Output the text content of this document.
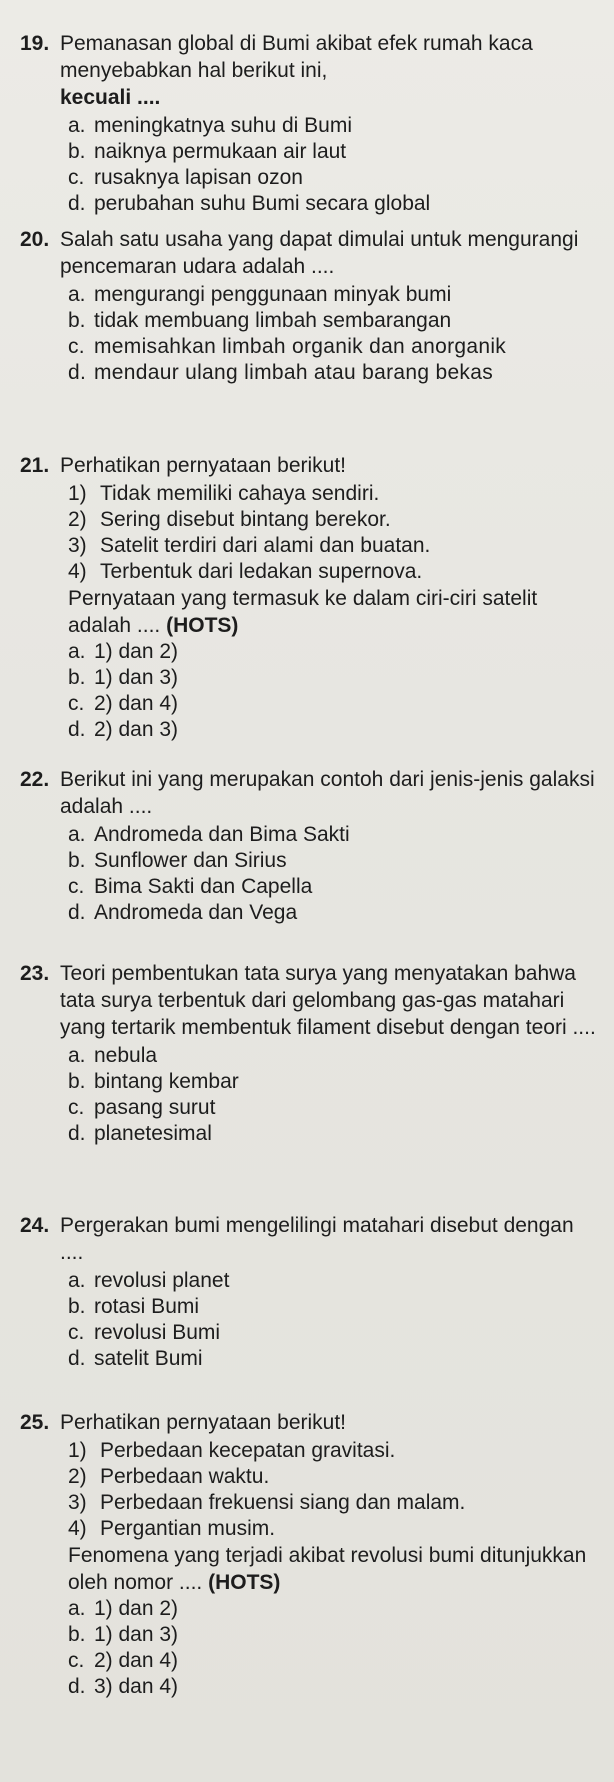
19. Pemanasan global di Bumi akibat efek rumah kaca menyebabkan hal berikut ini,
kecuali ....
a. meningkatnya suhu di Bumi
b. naiknya permukaan air laut
c. rusaknya lapisan ozon
d. perubahan suhu Bumi secara global
20. Salah satu usaha yang dapat dimulai untuk mengurangi pencemaran udara adalah ....
a. mengurangi penggunaan minyak bumi
b. tidak membuang limbah sembarangan
c. memisahkan limbah organik dan anorganik
d. mendaur ulang limbah atau barang bekas
21. Perhatikan pernyataan berikut!
1) Tidak memiliki cahaya sendiri.
2) Sering disebut bintang berekor.
3) Satelit terdiri dari alami dan buatan.
4) Terbentuk dari ledakan supernova.
Pernyataan yang termasuk ke dalam ciri-ciri satelit adalah .... (HOTS)
a. 1) dan 2)
b. 1) dan 3)
c. 2) dan 4)
d. 2) dan 3)
22. Berikut ini yang merupakan contoh dari jenis-jenis galaksi adalah ....
a. Andromeda dan Bima Sakti
b. Sunflower dan Sirius
c. Bima Sakti dan Capella
d. Andromeda dan Vega
23. Teori pembentukan tata surya yang menyatakan bahwa tata surya terbentuk dari gelombang gas-gas matahari yang tertarik membentuk filament disebut dengan teori ....
a. nebula
b. bintang kembar
c. pasang surut
d. planetesimal
24. Pergerakan bumi mengelilingi matahari disebut dengan ....
a. revolusi planet
b. rotasi Bumi
c. revolusi Bumi
d. satelit Bumi
25. Perhatikan pernyataan berikut!
1) Perbedaan kecepatan gravitasi.
2) Perbedaan waktu.
3) Perbedaan frekuensi siang dan malam.
4) Pergantian musim.
Fenomena yang terjadi akibat revolusi bumi ditunjukkan oleh nomor .... (HOTS)
a. 1) dan 2)
b. 1) dan 3)
c. 2) dan 4)
d. 3) dan 4)
